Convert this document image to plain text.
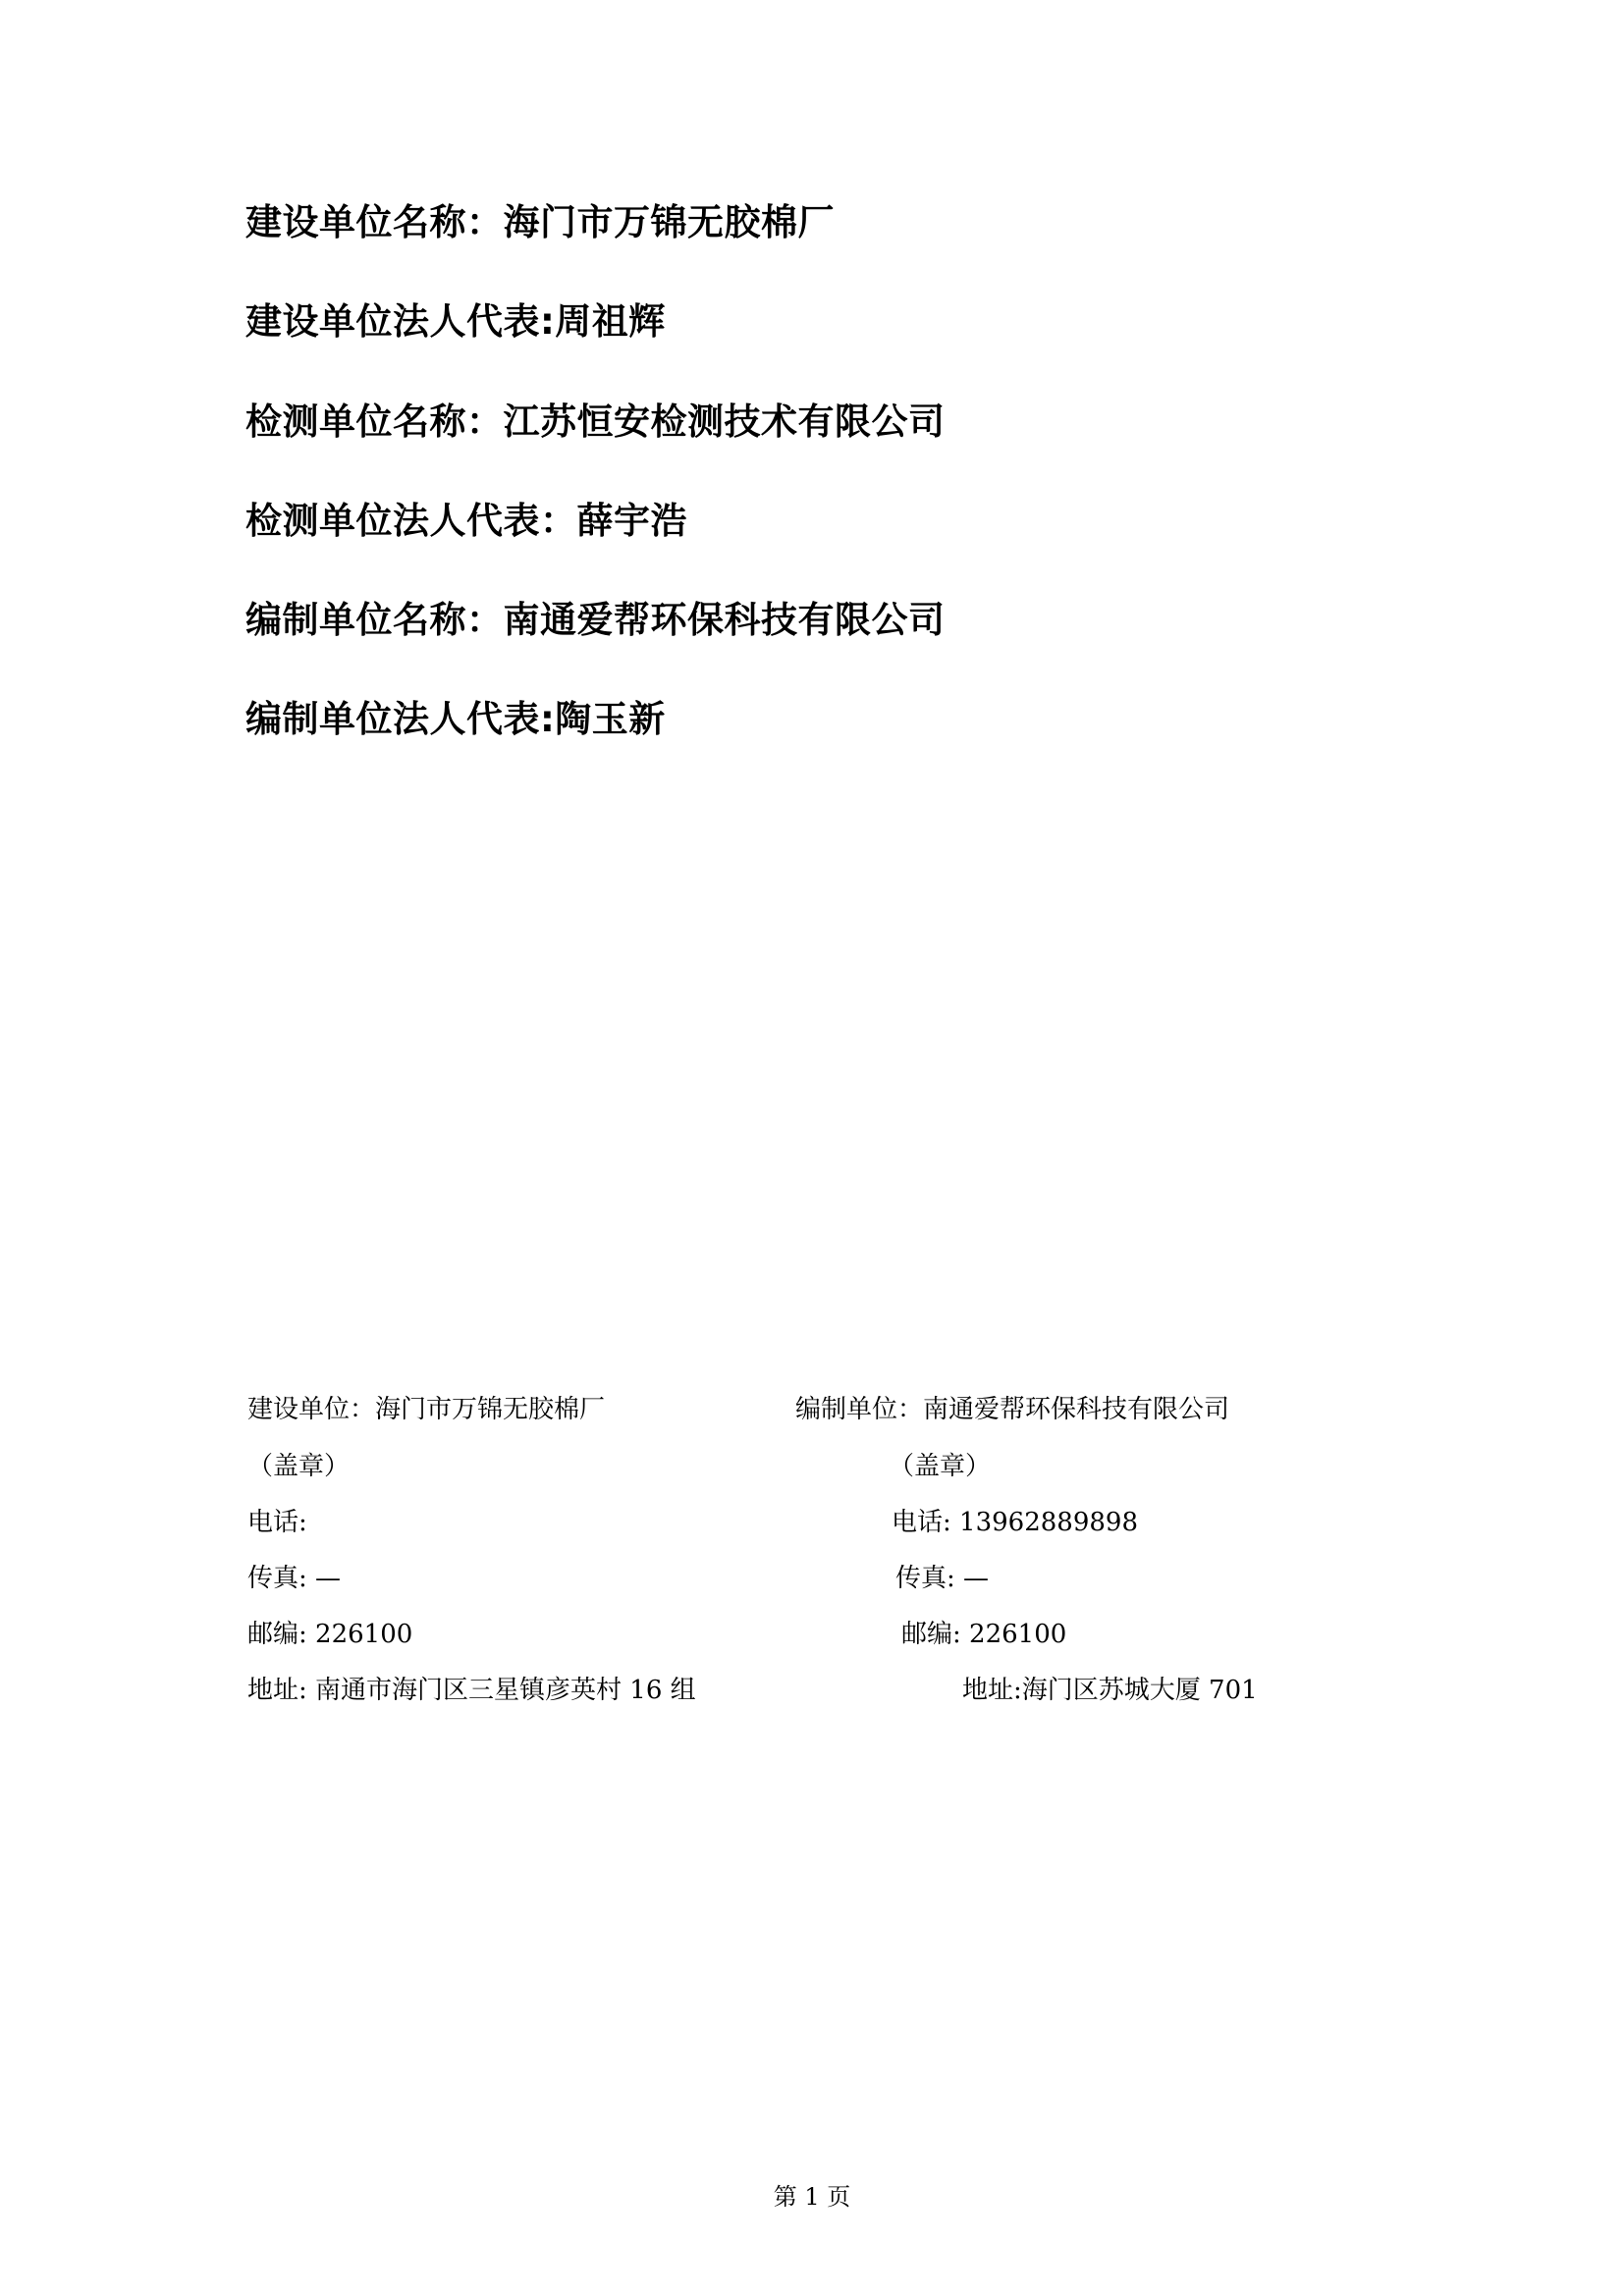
建设单位名称：海门市万锦无胶棉厂
建设单位法人代表:周祖辉
检测单位名称：江苏恒安检测技术有限公司
检测单位法人代表：薛宇浩
编制单位名称：南通爱帮环保科技有限公司
编制单位法人代表:陶玉新
建设单位：海门市万锦无胶棉厂
（盖章）
电话:
传真: —
邮编: 226100
地址: 南通市海门区三星镇彦英村 16 组
编制单位：南通爱帮环保科技有限公司
（盖章）
电话: 13962889898
传真: —
邮编: 226100
地址:海门区苏城大厦 701
第 1 页
